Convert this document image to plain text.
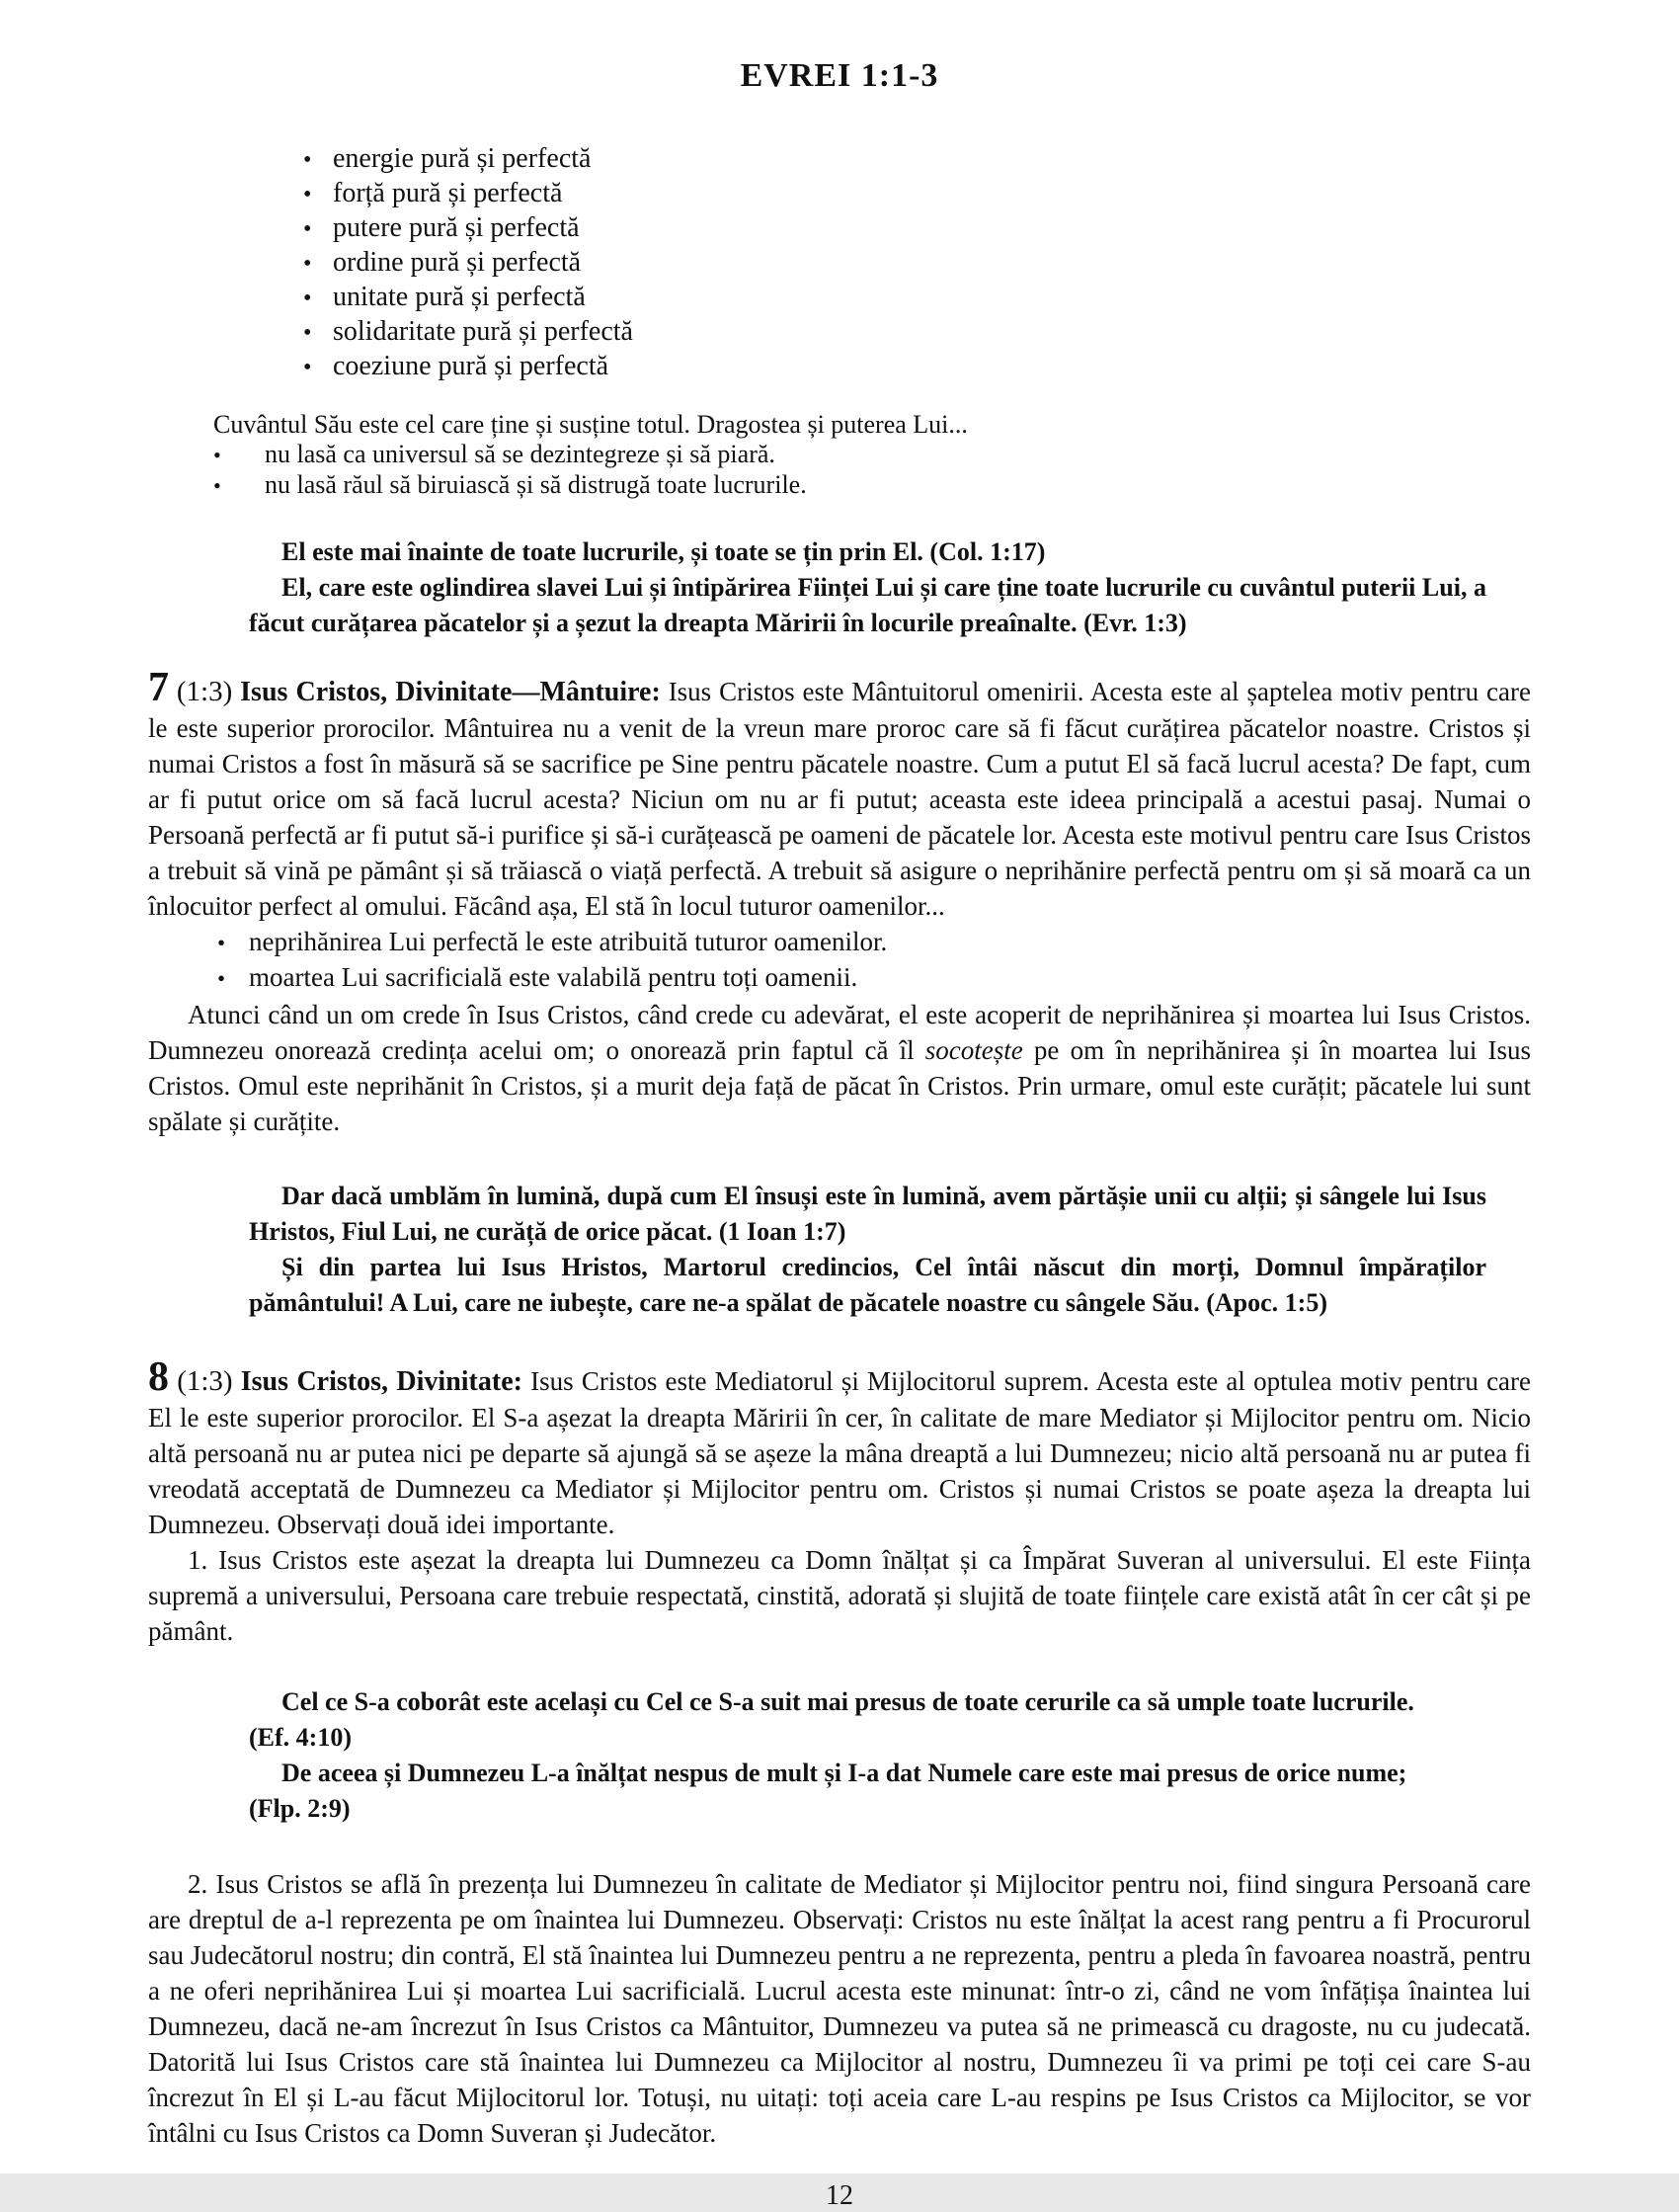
EVREI 1:1-3
• energie pură și perfectă
• forță pură și perfectă
• putere pură și perfectă
• ordine pură și perfectă
• unitate pură și perfectă
• solidaritate pură și perfectă
• coeziune pură și perfectă

Cuvântul Său este cel care ține și susține totul. Dragostea și puterea Lui...

• nu lasă ca universul să se dezintegreze și să piară.
• nu lasă răul să biruiască și să distrugă toate lucrurile.

El este mai înainte de toate lucrurile, și toate se țin prin El. (Col. 1:17)

El, care este oglindirea slavei Lui și întipărirea Ființei Lui și care ține toate lucrurile cu cuvântul puterii Lui, a făcut curățarea păcatelor și a șezut la dreapta Măririi în locurile preaînalte. (Evr. 1:3)

7 (1:3) Isus Cristos, Divinitate—Mântuire: Isus Cristos este Mântuitorul omenirii. Acesta este al șaptelea motiv pentru care le este superior prorocilor. Mântuirea nu a venit de la vreun mare proroc care să fi făcut curățirea păcatelor noastre. Cristos și numai Cristos a fost în măsură să se sacrifice pe Sine pentru păcatele noastre. Cum a putut El să facă lucrul acesta? De fapt, cum ar fi putut orice om să facă lucrul acesta? Niciun om nu ar fi putut; aceasta este ideea principală a acestui pasaj. Numai o Persoană perfectă ar fi putut să-i purifice și să-i curățească pe oameni de păcatele lor. Acesta este motivul pentru care Isus Cristos a trebuit să vină pe pământ și să trăiască o viață perfectă. A trebuit să asigure o neprihănire perfectă pentru om și să moară ca un înlocuitor perfect al omului. Făcând așa, El stă în locul tuturor oamenilor...

• neprihănirea Lui perfectă le este atribuită tuturor oamenilor.
• moartea Lui sacrificială este valabilă pentru toți oamenii.

Atunci când un om crede în Isus Cristos, când crede cu adevărat, el este acoperit de neprihănirea și moartea lui Isus Cristos. Dumnezeu onorează credința acelui om; o onorează prin faptul că îl socotește pe om în neprihănirea și în moartea lui Isus Cristos. Omul este neprihănit în Cristos, și a murit deja față de păcat în Cristos. Prin urmare, omul este curățit; păcatele lui sunt spălate și curățite.

Dar dacă umblăm în lumină, după cum El însuși este în lumină, avem părtășie unii cu alții; și sângele lui Isus Hristos, Fiul Lui, ne curăță de orice păcat. (1 Ioan 1:7)

Și din partea lui Isus Hristos, Martorul credincios, Cel întâi născut din morți, Domnul împăraților pământului! A Lui, care ne iubește, care ne-a spălat de păcatele noastre cu sângele Său. (Apoc. 1:5)

8 (1:3) Isus Cristos, Divinitate: Isus Cristos este Mediatorul și Mijlocitorul suprem. Acesta este al optulea motiv pentru care El le este superior prorocilor. El S-a așezat la dreapta Măririi în cer, în calitate de mare Mediator și Mijlocitor pentru om. Nicio altă persoană nu ar putea nici pe departe să ajungă să se așeze la mâna dreaptă a lui Dumnezeu; nicio altă persoană nu ar putea fi vreodată acceptată de Dumnezeu ca Mediator și Mijlocitor pentru om. Cristos și numai Cristos se poate așeza la dreapta lui Dumnezeu. Observați două idei importante.

1. Isus Cristos este așezat la dreapta lui Dumnezeu ca Domn înălțat și ca Împărat Suveran al universului. El este Ființa supremă a universului, Persoana care trebuie respectată, cinstită, adorată și slujită de toate ființele care există atât în cer cât și pe pământ.

Cel ce S-a coborât este același cu Cel ce S-a suit mai presus de toate cerurile ca să umple toate lucrurile.

(Ef. 4:10)

De aceea și Dumnezeu L-a înălțat nespus de mult și I-a dat Numele care este mai presus de orice nume;

(Flp. 2:9)

2. Isus Cristos se află în prezența lui Dumnezeu în calitate de Mediator și Mijlocitor pentru noi, fiind singura Persoană care are dreptul de a-l reprezenta pe om înaintea lui Dumnezeu. Observați: Cristos nu este înălțat la acest rang pentru a fi Procurorul sau Judecătorul nostru; din contră, El stă înaintea lui Dumnezeu pentru a ne reprezenta, pentru a pleda în favoarea noastră, pentru a ne oferi neprihănirea Lui și moartea Lui sacrificială. Lucrul acesta este minunat: într-o zi, când ne vom înfățișa înaintea lui Dumnezeu, dacă ne-am încrezut în Isus Cristos ca Mântuitor, Dumnezeu va putea să ne primească cu dragoste, nu cu judecată. Datorită lui Isus Cristos care stă înaintea lui Dumnezeu ca Mijlocitor al nostru, Dumnezeu îi va primi pe toți cei care S-au încrezut în El și L-au făcut Mijlocitorul lor. Totuși, nu uitați: toți aceia care L-au respins pe Isus Cristos ca Mijlocitor, se vor întâlni cu Isus Cristos ca Domn Suveran și Judecător.

12
